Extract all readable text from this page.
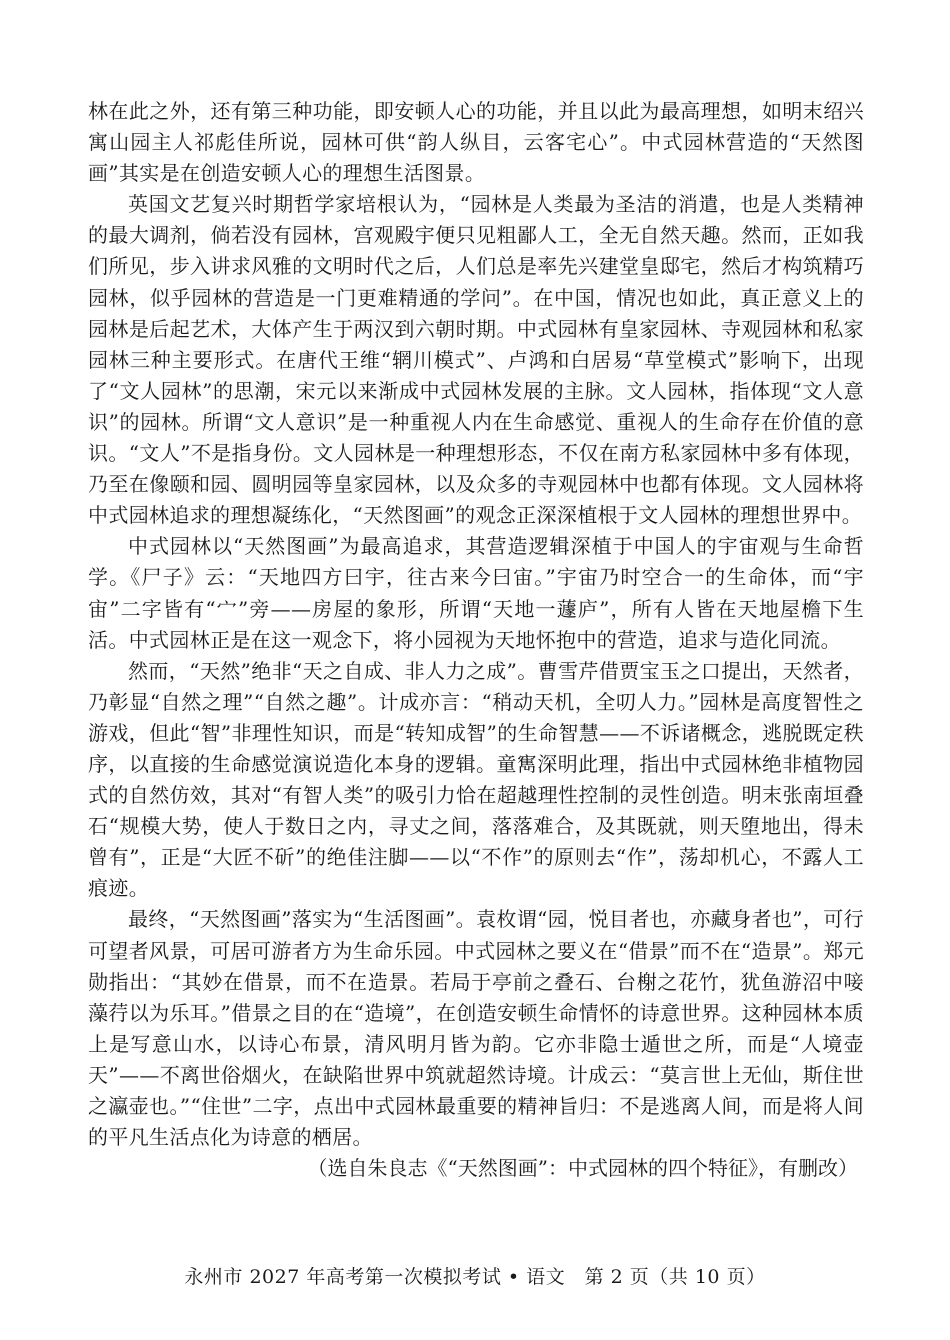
林在此之外，还有第三种功能，即安顿人心的功能，并且以此为最高理想，如明末绍兴寓山园主人祁彪佳所说，园林可供“韵人纵目，云客宅心”。中式园林营造的“天然图画”其实是在创造安顿人心的理想生活图景。

英国文艺复兴时期哲学家培根认为，“园林是人类最为圣洁的消遣，也是人类精神的最大调剂，倘若没有园林，宫观殿宇便只见粗鄙人工，全无自然天趣。然而，正如我们所见，步入讲求风雅的文明时代之后，人们总是率先兴建堂皇邸宅，然后才构筑精巧园林，似乎园林的营造是一门更难精通的学问”。在中国，情况也如此，真正意义上的园林是后起艺术，大体产生于两汉到六朝时期。中式园林有皇家园林、寺观园林和私家园林三种主要形式。在唐代王维“辋川模式”、卢鸿和白居易“草堂模式”影响下，出现了“文人园林”的思潮，宋元以来渐成中式园林发展的主脉。文人园林，指体现“文人意识”的园林。所谓“文人意识”是一种重视人内在生命感觉、重视人的生命存在价值的意识。“文人”不是指身份。文人园林是一种理想形态，不仅在南方私家园林中多有体现，乃至在像颐和园、圆明园等皇家园林，以及众多的寺观园林中也都有体现。文人园林将中式园林追求的理想凝练化，“天然图画”的观念正深深植根于文人园林的理想世界中。

中式园林以“天然图画”为最高追求，其营造逻辑深植于中国人的宇宙观与生命哲学。《尸子》云：“天地四方曰宇，往古来今曰宙。”宇宙乃时空合一的生命体，而“宇宙”二字皆有“宀”旁——房屋的象形，所谓“天地一蘧庐”，所有人皆在天地屋檐下生活。中式园林正是在这一观念下，将小园视为天地怀抱中的营造，追求与造化同流。

然而，“天然”绝非“天之自成、非人力之成”。曹雪芹借贾宝玉之口提出，天然者，乃彰显“自然之理”“自然之趣”。计成亦言：“稍动天机，全叨人力。”园林是高度智性之游戏，但此“智”非理性知识，而是“转知成智”的生命智慧——不诉诸概念，逃脱既定秩序，以直接的生命感觉演说造化本身的逻辑。童寯深明此理，指出中式园林绝非植物园式的自然仿效，其对“有智人类”的吸引力恰在超越理性控制的灵性创造。明末张南垣叠石“规模大势，使人于数日之内，寻丈之间，落落难合，及其既就，则天堕地出，得未曾有”，正是“大匠不斫”的绝佳注脚——以“不作”的原则去“作”，荡却机心，不露人工痕迹。

最终，“天然图画”落实为“生活图画”。袁枚谓“园，悦目者也，亦藏身者也”，可行可望者风景，可居可游者方为生命乐园。中式园林之要义在“借景”而不在“造景”。郑元勋指出：“其妙在借景，而不在造景。若局于亭前之叠石、台榭之花竹，犹鱼游沼中唼藻荇以为乐耳。”借景之目的在“造境”，在创造安顿生命情怀的诗意世界。这种园林本质上是写意山水，以诗心布景，清风明月皆为韵。它亦非隐士遁世之所，而是“人境壶天”——不离世俗烟火，在缺陷世界中筑就超然诗境。计成云：“莫言世上无仙，斯住世之瀛壶也。”“住世”二字，点出中式园林最重要的精神旨归：不是逃离人间，而是将人间的平凡生活点化为诗意的栖居。

（选自朱良志《“天然图画”：中式园林的四个特征》，有删改）

永州市 2027 年高考第一次模拟考试 • 语文　第 2 页（共 10 页）
